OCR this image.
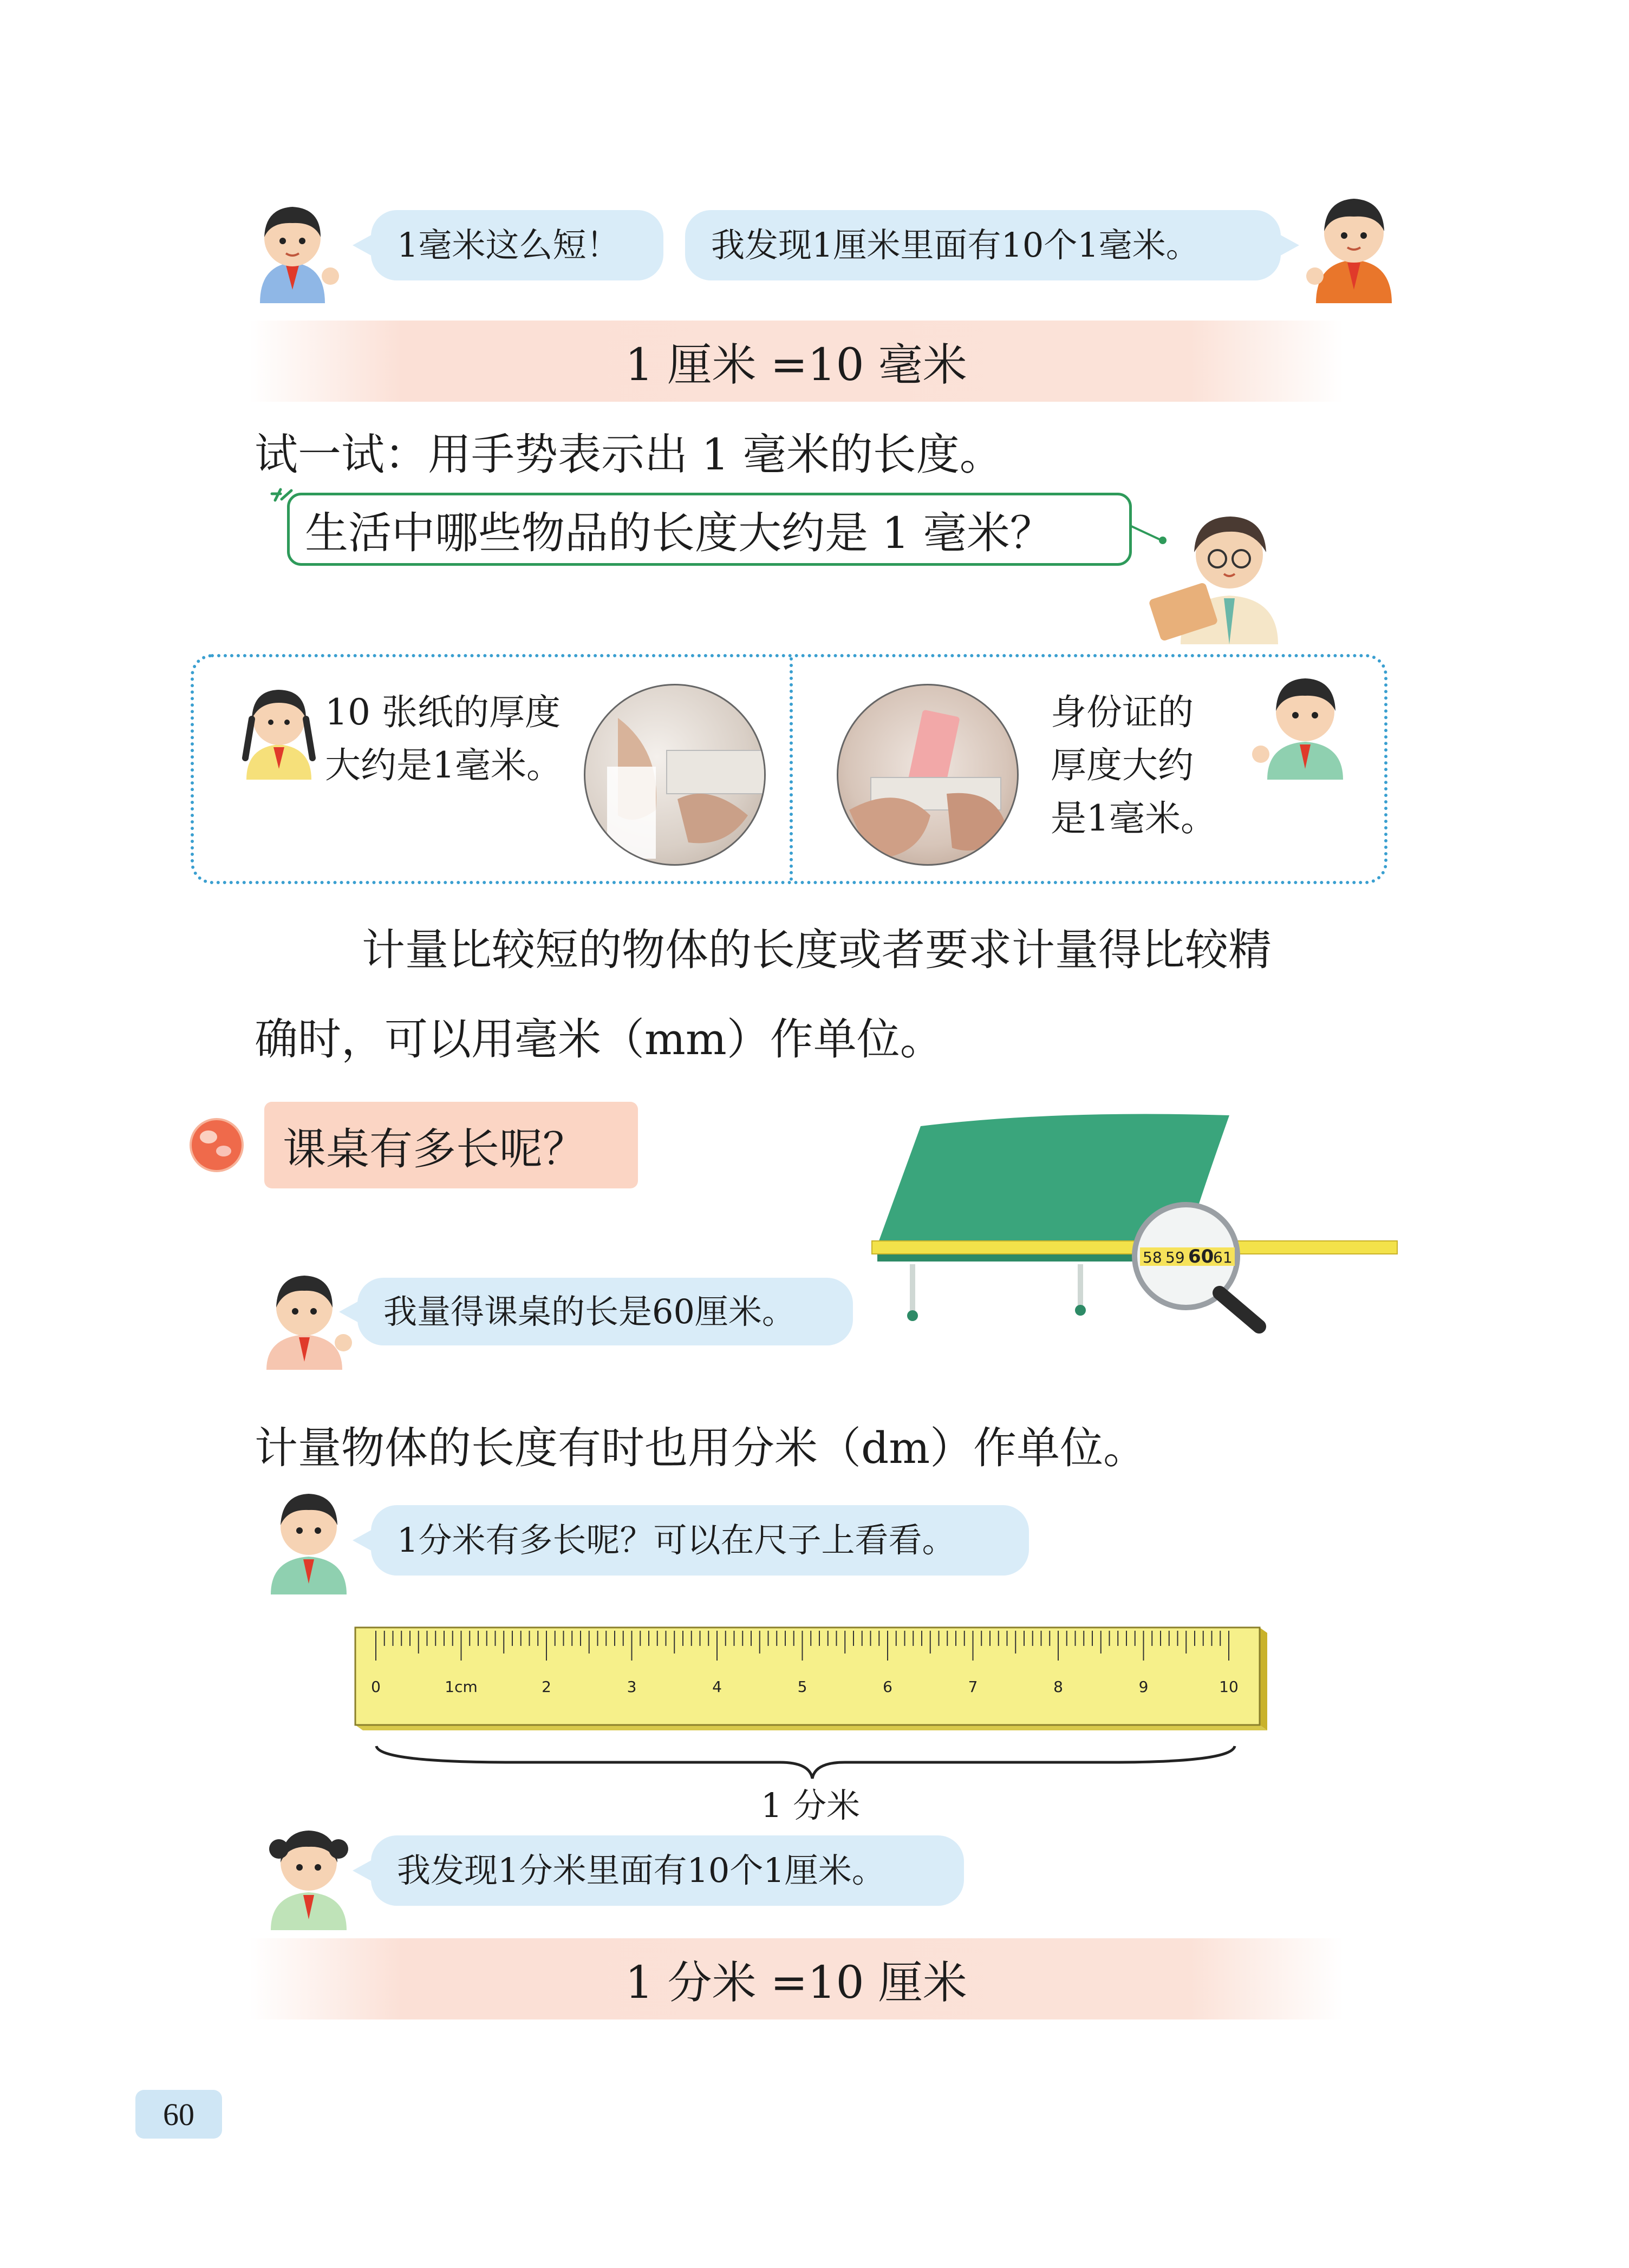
1毫米这么短！	我发现1厘米里面有10个1毫米。
1 厘米 =10 毫米
试一试：用手势表示出 1 毫米的长度。
生活中哪些物品的长度大约是 1 毫米？
10 张纸的厚度
大约是1毫米。
身份证的
厚度大约
是1毫米。
计量比较短的物体的长度或者要求计量得比较精
确时，可以用毫米（mm）作单位。
课桌有多长呢？
58 59 60
61
我量得课桌的长是60厘米。
计量物体的长度有时也用分米（dm）作单位。
1分米有多长呢？可以在尺子上看看。
0	1cm	2	3	4	5	6	7	8	9	10
1 分米
我发现1分米里面有10个1厘米。
1 分米 =10 厘米
60
